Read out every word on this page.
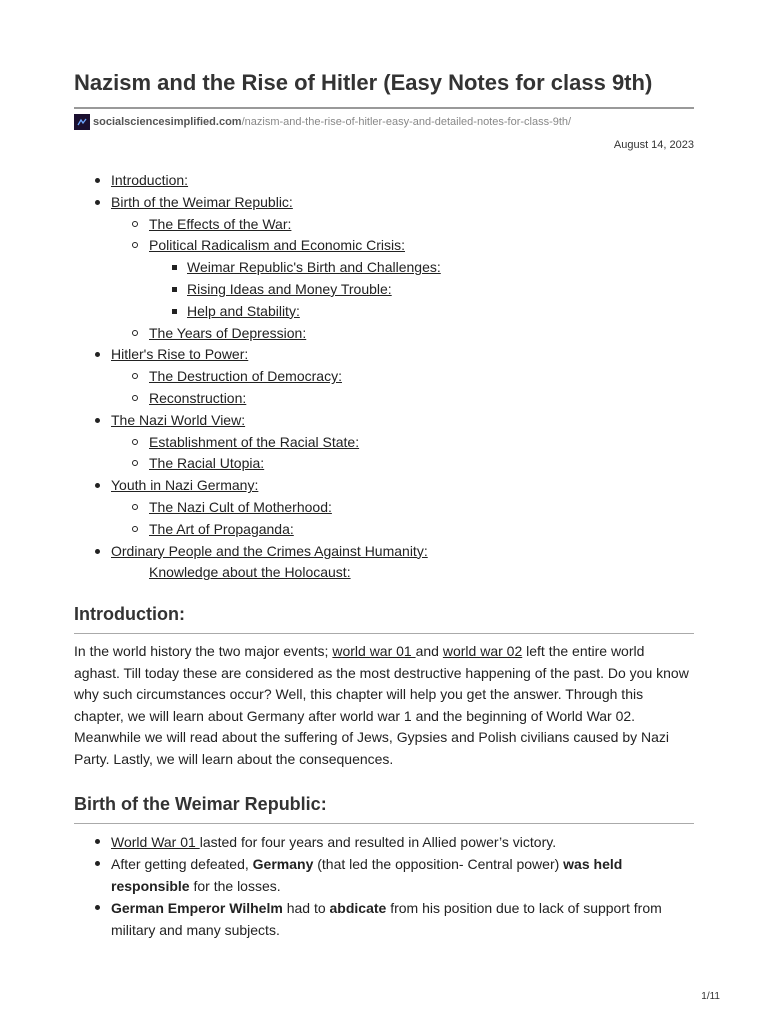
Nazism and the Rise of Hitler (Easy Notes for class 9th)
socialsciencesimplified.com /nazism-and-the-rise-of-hitler-easy-and-detailed-notes-for-class-9th/
August 14, 2023
Introduction:
Birth of the Weimar Republic:
The Effects of the War:
Political Radicalism and Economic Crisis:
Weimar Republic's Birth and Challenges:
Rising Ideas and Money Trouble:
Help and Stability:
The Years of Depression:
Hitler's Rise to Power:
The Destruction of Democracy:
Reconstruction:
The Nazi World View:
Establishment of the Racial State:
The Racial Utopia:
Youth in Nazi Germany:
The Nazi Cult of Motherhood:
The Art of Propaganda:
Ordinary People and the Crimes Against Humanity:
Knowledge about the Holocaust:
Introduction:

In the world history the two major events; world war 01 and world war 02 left the entire world aghast. Till today these are considered as the most destructive happening of the past. Do you know why such circumstances occur? Well, this chapter will help you get the answer. Through this chapter, we will learn about Germany after world war 1 and the beginning of World War 02. Meanwhile we will read about the suffering of Jews, Gypsies and Polish civilians caused by Nazi Party. Lastly, we will learn about the consequences.

Birth of the Weimar Republic:
World War 01 lasted for four years and resulted in Allied power’s victory.
After getting defeated, Germany (that led the opposition- Central power) was held responsible for the losses.
German Emperor Wilhelm had to abdicate from his position due to lack of support from military and many subjects.
1/11
